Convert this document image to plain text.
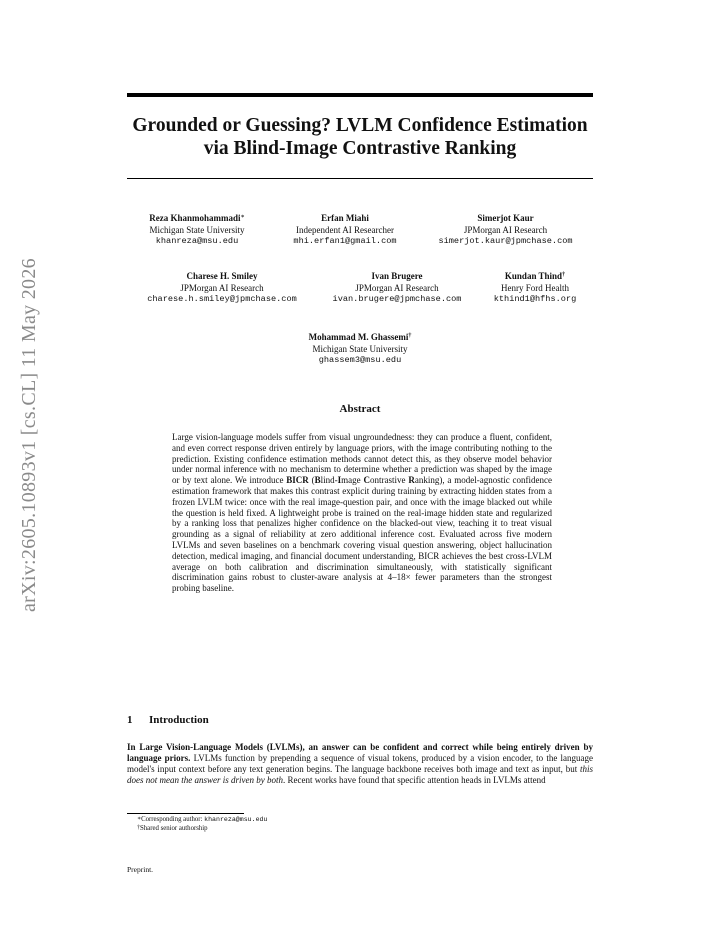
arXiv:2605.10893v1 [cs.CL] 11 May 2026
Grounded or Guessing? LVLM Confidence Estimation
via Blind-Image Contrastive Ranking
Reza Khanmohammadi∗
Michigan State University
khanreza@msu.edu
Erfan Miahi
Independent AI Researcher
mhi.erfan1@gmail.com
Simerjot Kaur
JPMorgan AI Research
simerjot.kaur@jpmchase.com
Charese H. Smiley
JPMorgan AI Research
charese.h.smiley@jpmchase.com
Ivan Brugere
JPMorgan AI Research
ivan.brugere@jpmchase.com
Kundan Thind†
Henry Ford Health
kthind1@hfhs.org
Mohammad M. Ghassemi†
Michigan State University
ghassem3@msu.edu
Abstract
Large vision-language models suffer from visual ungroundedness: they can produce a fluent, confident, and even correct response driven entirely by language priors, with the image contributing nothing to the prediction. Existing confidence estimation methods cannot detect this, as they observe model behavior under normal inference with no mechanism to determine whether a prediction was shaped by the image or by text alone. We introduce BICR (Blind-Image Contrastive Ranking), a model-agnostic confidence estimation framework that makes this contrast explicit during training by extracting hidden states from a frozen LVLM twice: once with the real image-question pair, and once with the image blacked out while the question is held fixed. A lightweight probe is trained on the real-image hidden state and regularized by a ranking loss that penalizes higher confidence on the blacked-out view, teaching it to treat visual grounding as a signal of reliability at zero additional inference cost. Evaluated across five modern LVLMs and seven baselines on a benchmark covering visual question answering, object hallucination detection, medical imaging, and financial document understanding, BICR achieves the best cross-LVLM average on both calibration and discrimination simultaneously, with statistically significant discrimination gains robust to cluster-aware analysis at 4–18× fewer parameters than the strongest probing baseline.
1 Introduction
In Large Vision-Language Models (LVLMs), an answer can be confident and correct while being entirely driven by language priors. LVLMs function by prepending a sequence of visual tokens, produced by a vision encoder, to the language model's input context before any text generation begins. The language backbone receives both image and text as input, but this does not mean the answer is driven by both. Recent works have found that specific attention heads in LVLMs attend
∗Corresponding author: khanreza@msu.edu
†Shared senior authorship
Preprint.
